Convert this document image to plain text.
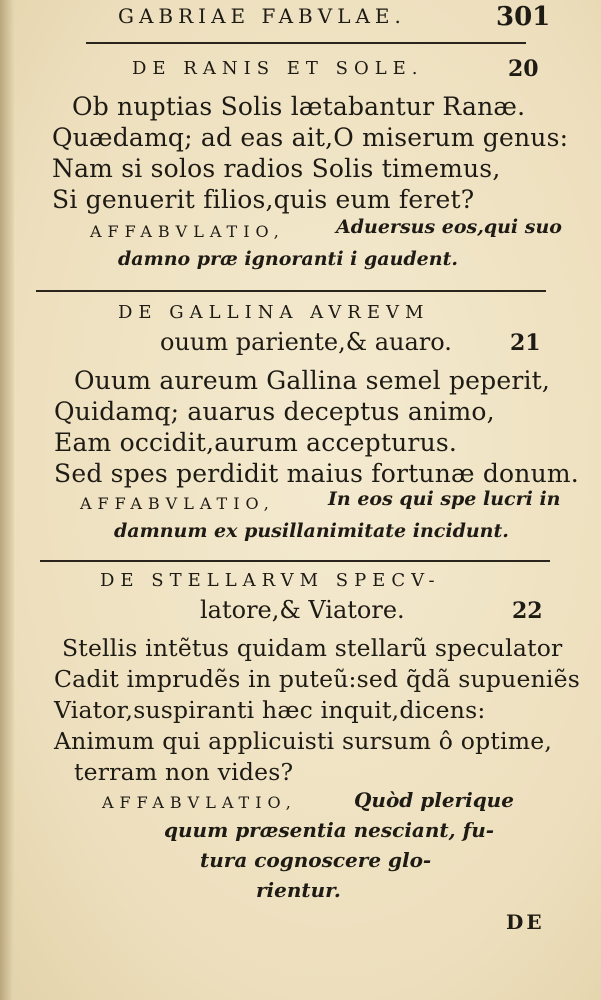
GABRIAE FABVLAE.	301
DE RANIS ET SOLE.	20
Ob nuptias Solis lætabantur Ranæ.
Quædamq; ad eas ait,O miserum genus:
Nam si solos radios Solis timemus,
Si genuerit filios,quis eum feret?
AFFABVLATIO,	Aduersus eos,qui suo
damno præ ignoranti i gaudent.
DE GALLINA AVREVM
ouum pariente,& auaro.	21
Ouum aureum Gallina semel peperit,
Quidamq; auarus deceptus animo,
Eam occidit,aurum accepturus.
Sed spes perdidit maius fortunæ donum.
AFFABVLATIO,	In eos qui spe lucri in
damnum ex pusillanimitate incidunt.
DE STELLARVM SPECV-
latore,& Viatore.	22
Stellis intẽtus quidam stellarũ speculator
Cadit imprudẽs in puteũ:sed q̃dã supueniẽs
Viator,suspiranti hæc inquit,dicens:
Animum qui applicuisti sursum ô optime,
terram non vides?
AFFABVLATIO,	Quòd plerique
quum præsentia nesciant, fu-
tura cognoscere glo-
rientur.
DE
